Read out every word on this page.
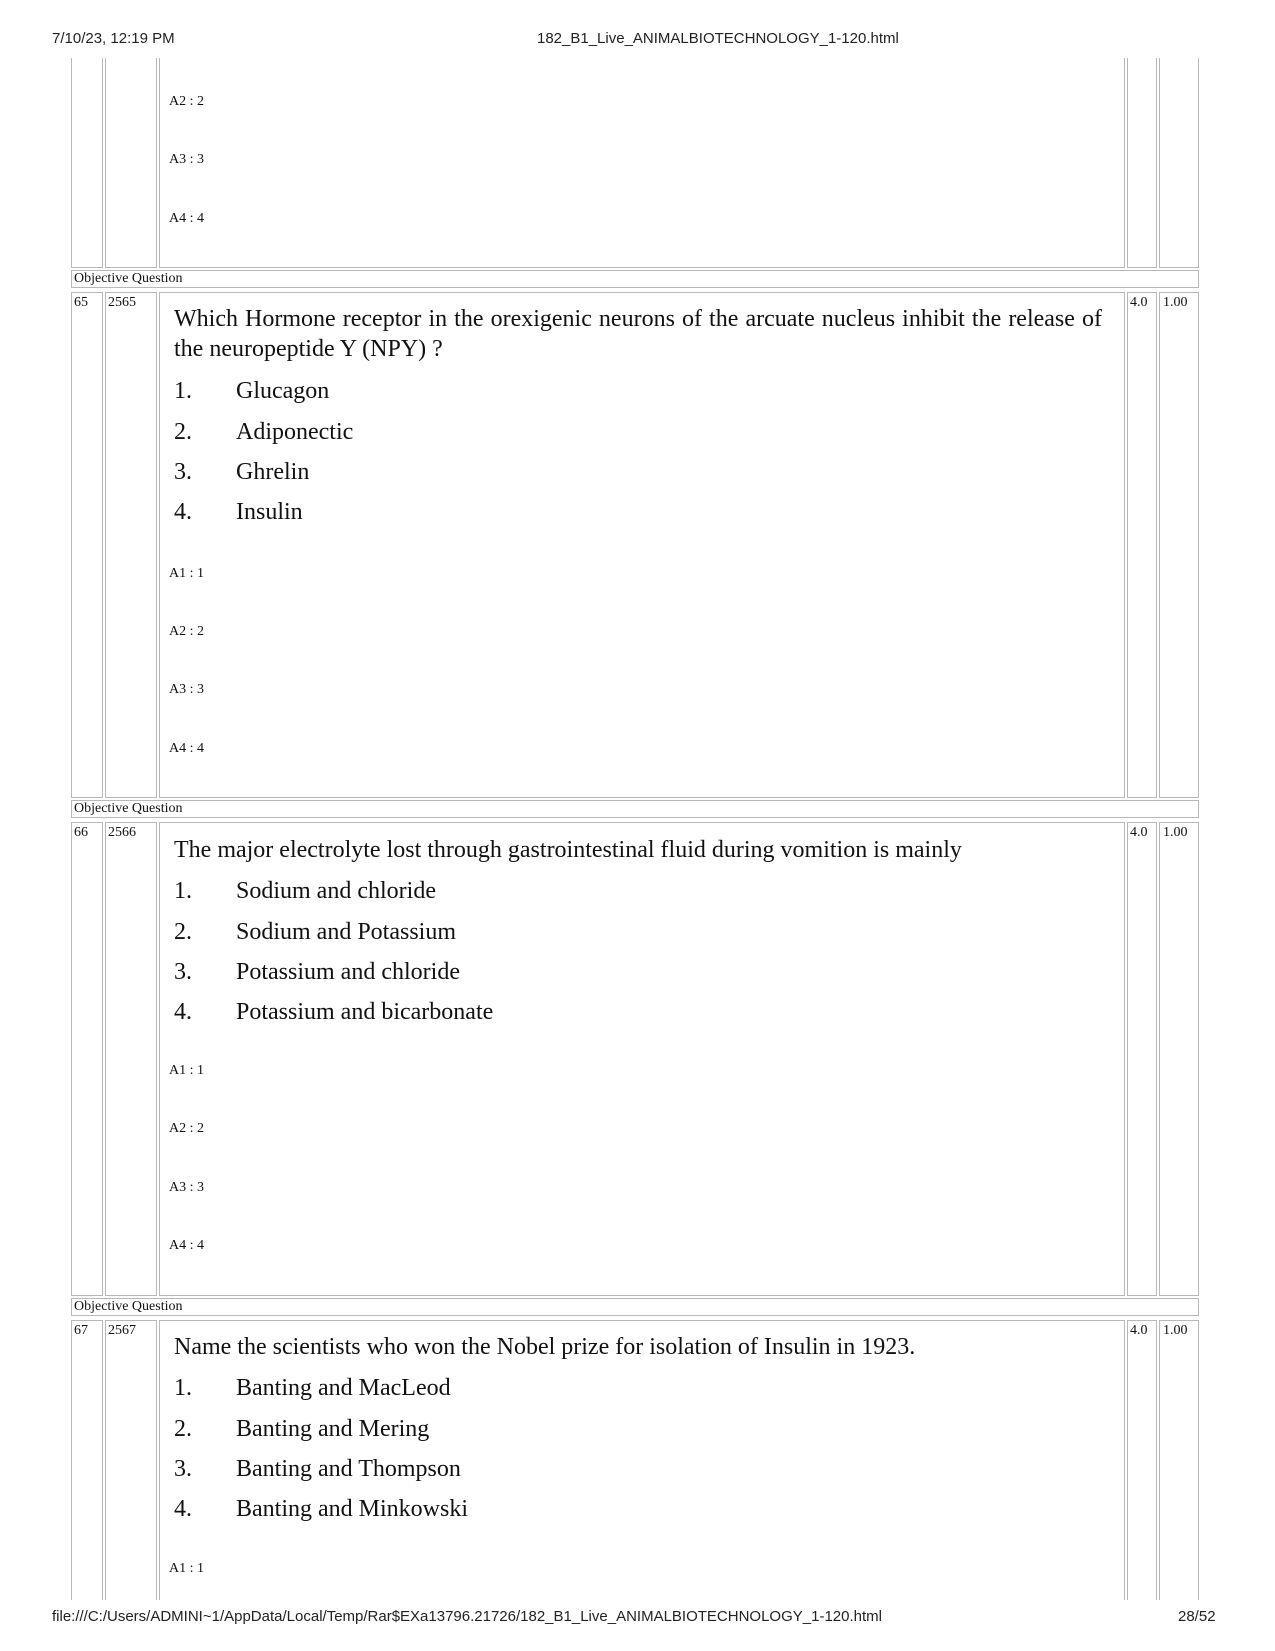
7/10/23, 12:19 PM	182_B1_Live_ANIMALBIOTECHNOLOGY_1-120.html
A2 : 2
A3 : 3
A4 : 4
Objective Question
65 2565
Which Hormone receptor in the orexigenic neurons of the arcuate nucleus inhibit the release of the neuropeptide Y (NPY) ?
1. Glucagon
2. Adiponectic
3. Ghrelin
4. Insulin
A1 : 1
A2 : 2
A3 : 3
A4 : 4
4.0 1.00
Objective Question
66 2566
The major electrolyte lost through gastrointestinal fluid during vomition is mainly
1. Sodium and chloride
2. Sodium and Potassium
3. Potassium and chloride
4. Potassium and bicarbonate
A1 : 1
A2 : 2
A3 : 3
A4 : 4
4.0 1.00
Objective Question
67 2567
Name the scientists who won the Nobel prize for isolation of Insulin in 1923.
1. Banting and MacLeod
2. Banting and Mering
3. Banting and Thompson
4. Banting and Minkowski
A1 : 1
4.0 1.00
file:///C:/Users/ADMINI~1/AppData/Local/Temp/Rar$EXa13796.21726/182_B1_Live_ANIMALBIOTECHNOLOGY_1-120.html	28/52
